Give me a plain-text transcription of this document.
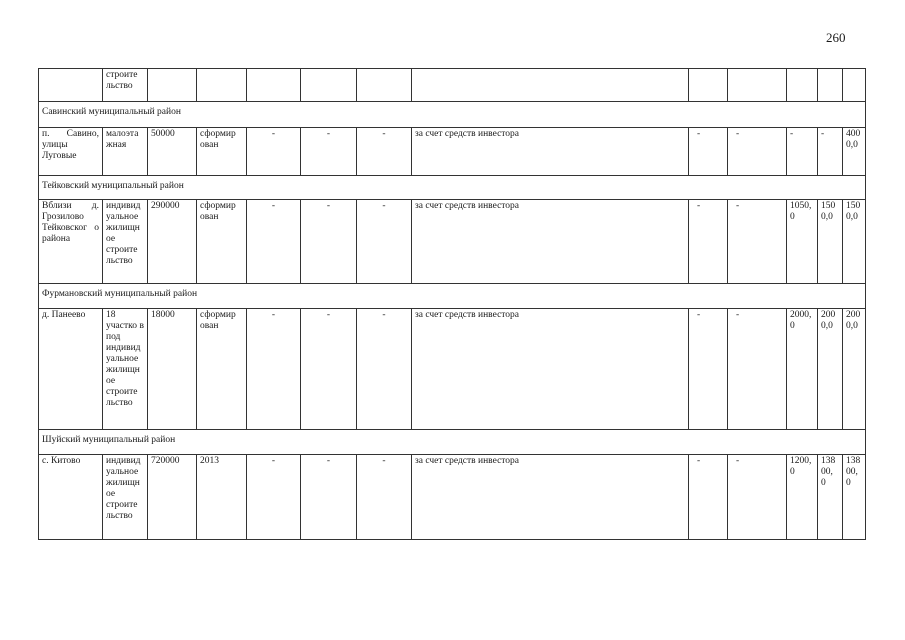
260
	строите льство											
Савинский муниципальный район												
п. Савино, улицы Луговые	малоэта жная	50000	сформир ован	-	-	-	за счет средств инвестора	-	-	-	-	400 0,0
Тейковский муниципальный район												
Вблизи д. Грозилово Тейковског о района	индивид уальное жилищн ое строите льство	290000	сформир ован	-	-	-	за счет средств инвестора	-	-	1050, 0	150 0,0	150 0,0
Фурмановский муниципальный район												
д. Панеево	18 участко в под индивид уальное жилищн ое строите льство	18000	сформир ован	-	-	-	за счет средств инвестора	-	-	2000, 0	200 0,0	200 0,0
Шуйский муниципальный район												
с. Китово	индивид уальное жилищн ое строите льство	720000	2013	-	-	-	за счет средств инвестора	-	-	1200, 0	138 00, 0	138 00, 0
